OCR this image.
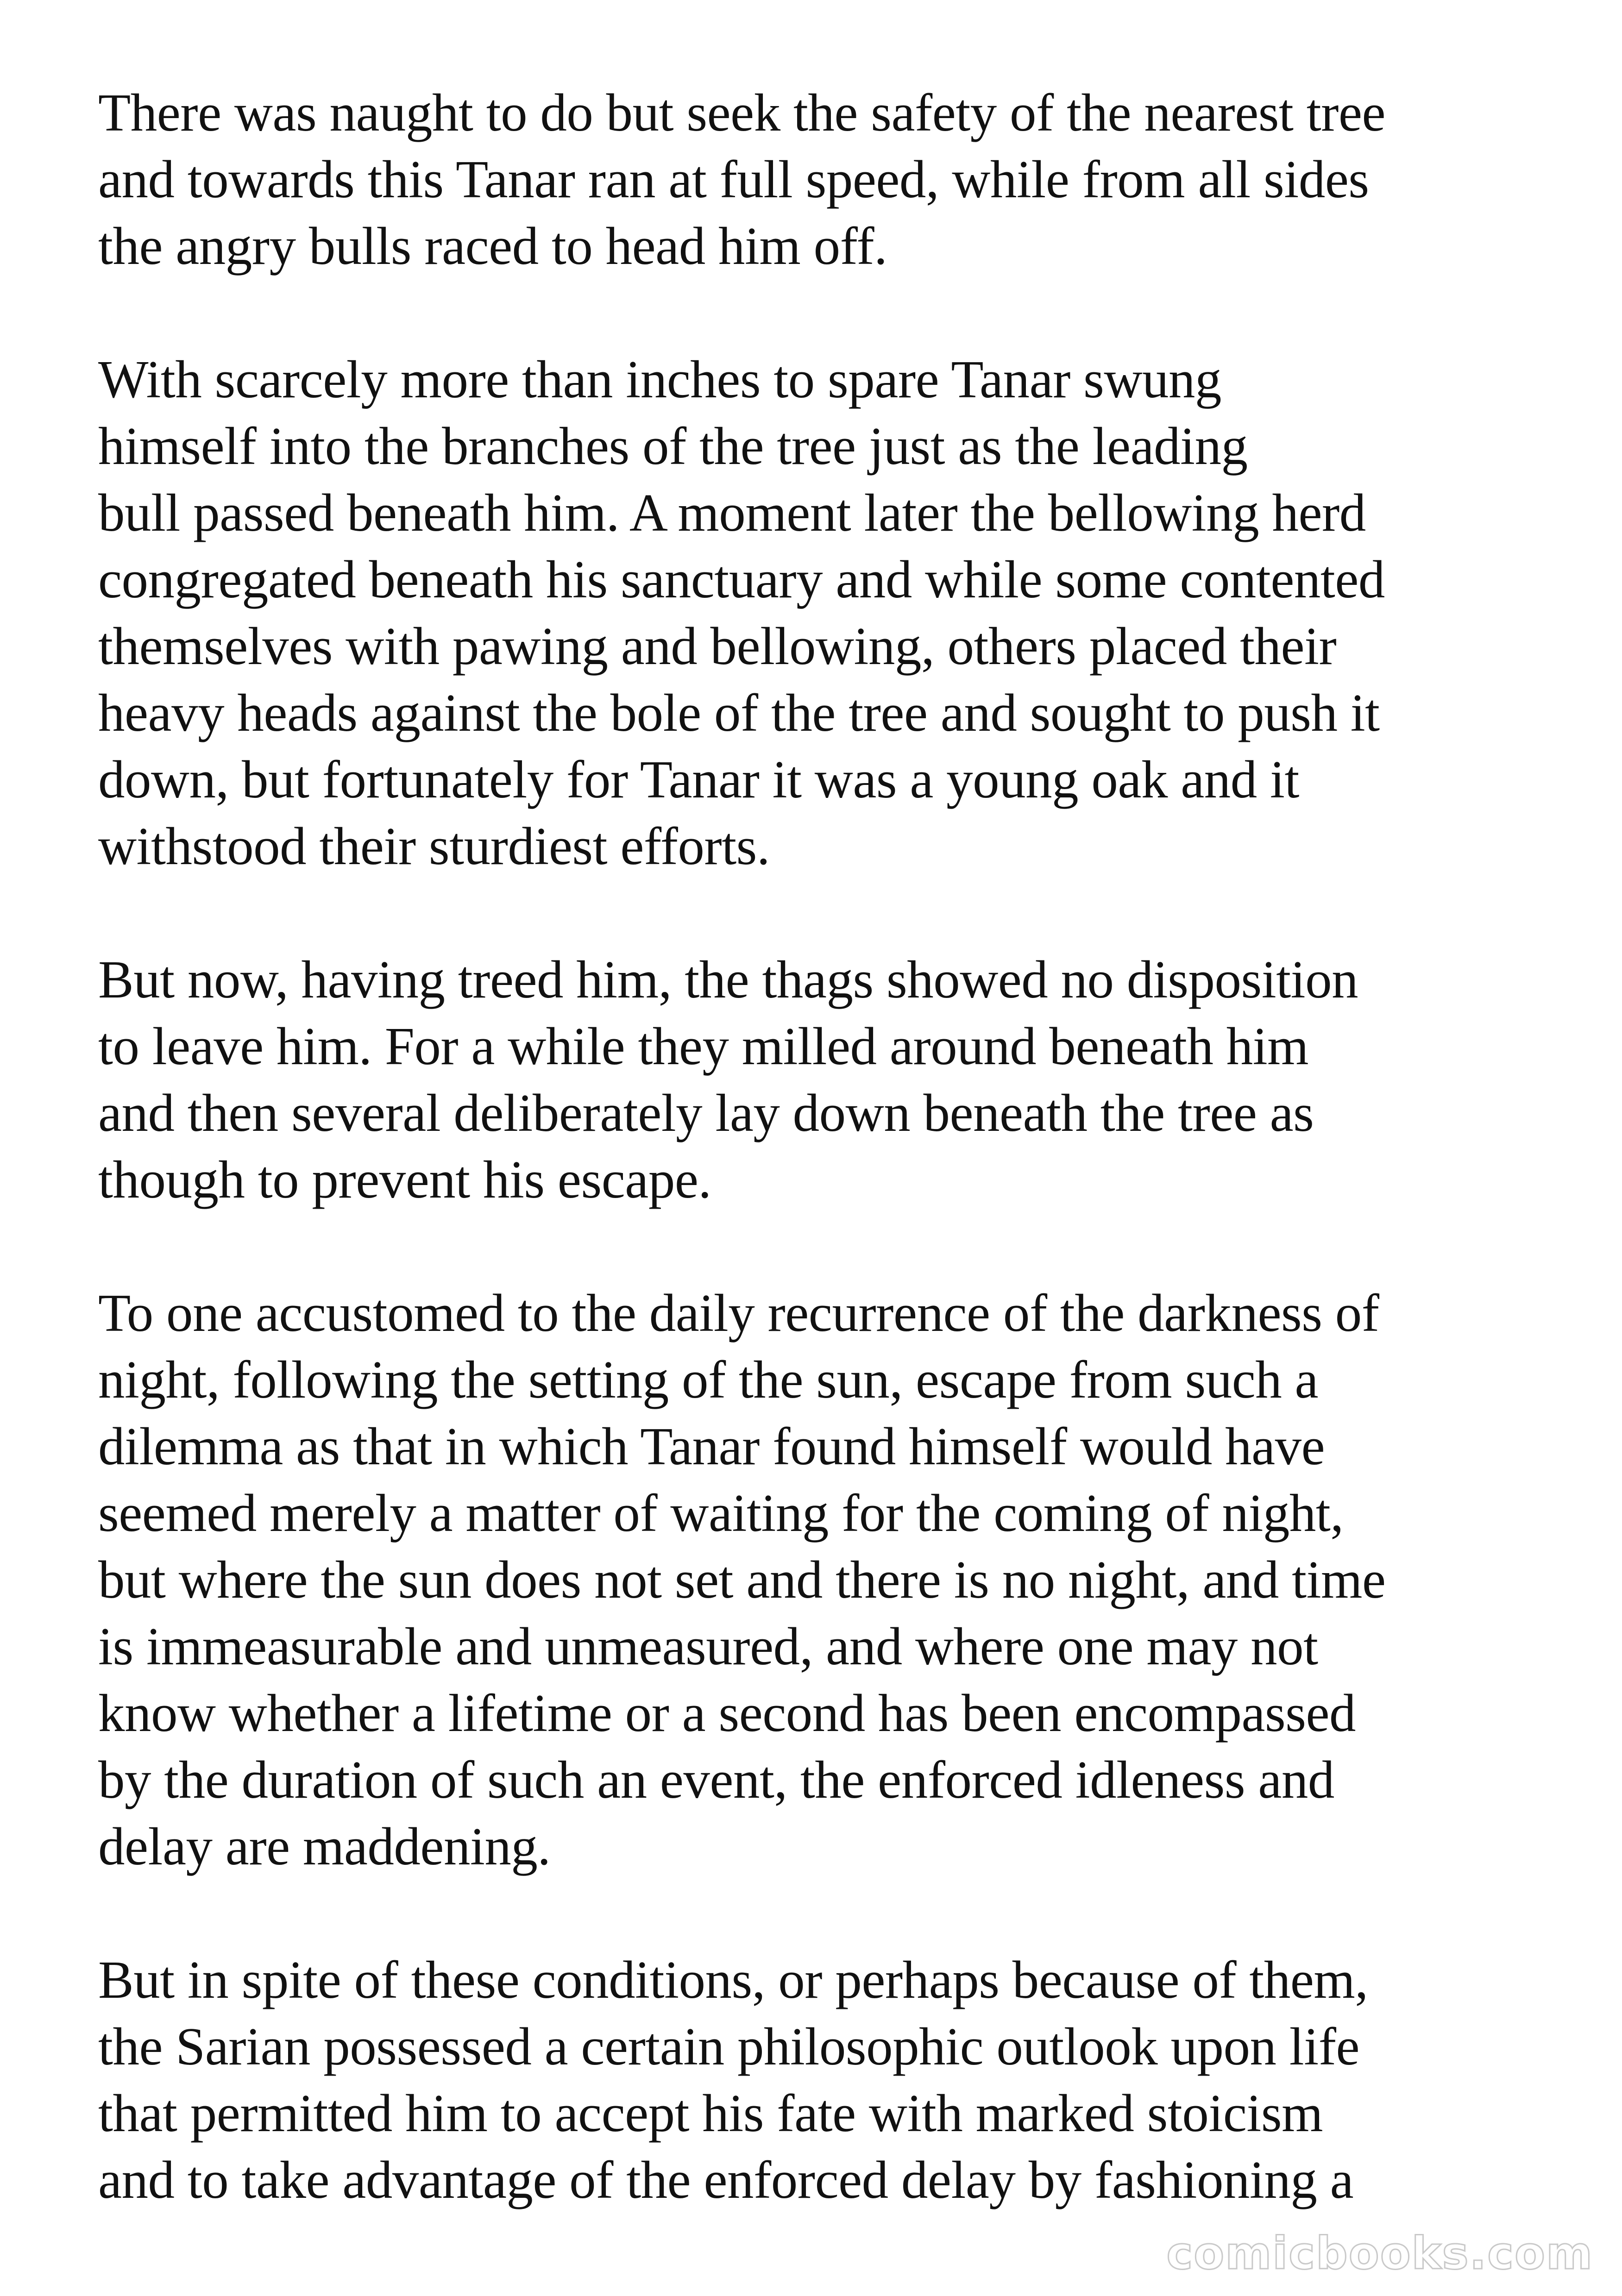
There was naught to do but seek the safety of the nearest tree
and towards this Tanar ran at full speed, while from all sides
the angry bulls raced to head him off.

With scarcely more than inches to spare Tanar swung
himself into the branches of the tree just as the leading
bull passed beneath him. A moment later the bellowing herd
congregated beneath his sanctuary and while some contented
themselves with pawing and bellowing, others placed their
heavy heads against the bole of the tree and sought to push it
down, but fortunately for Tanar it was a young oak and it
withstood their sturdiest efforts.

But now, having treed him, the thags showed no disposition
to leave him. For a while they milled around beneath him
and then several deliberately lay down beneath the tree as
though to prevent his escape.

To one accustomed to the daily recurrence of the darkness of
night, following the setting of the sun, escape from such a
dilemma as that in which Tanar found himself would have
seemed merely a matter of waiting for the coming of night,
but where the sun does not set and there is no night, and time
is immeasurable and unmeasured, and where one may not
know whether a lifetime or a second has been encompassed
by the duration of such an event, the enforced idleness and
delay are maddening.

But in spite of these conditions, or perhaps because of them,
the Sarian possessed a certain philosophic outlook upon life
that permitted him to accept his fate with marked stoicism
and to take advantage of the enforced delay by fashioning a

comicbooks.com
